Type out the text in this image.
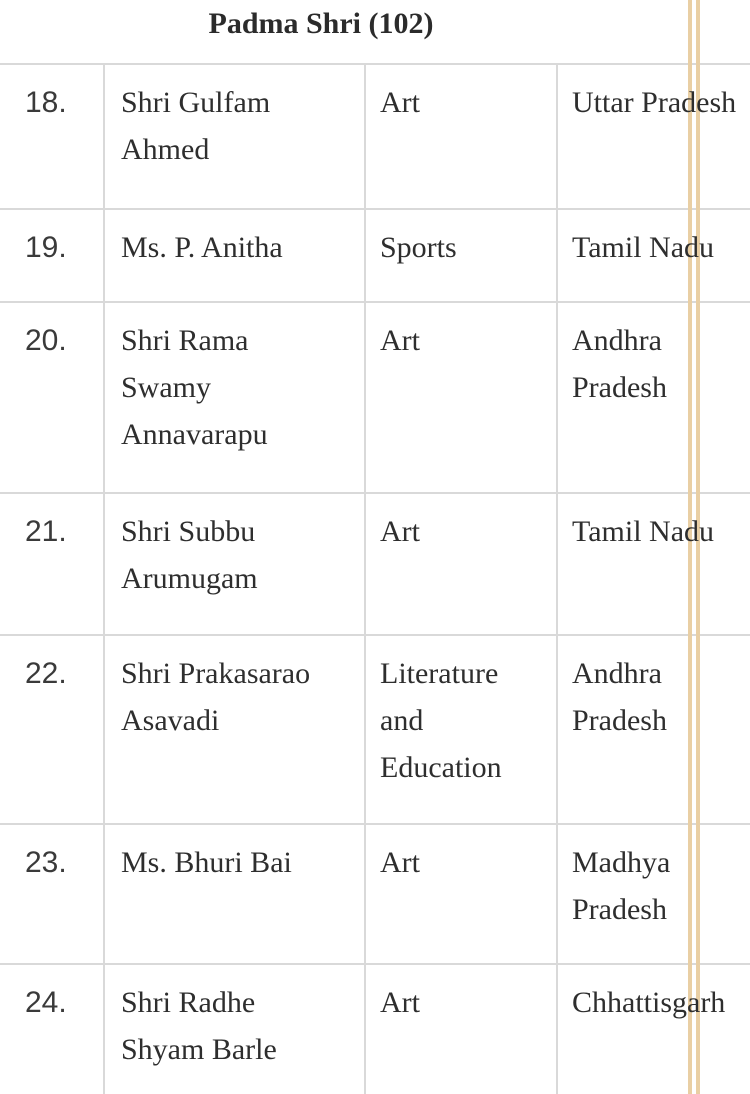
Padma Shri (102)
18.	Shri Gulfam Ahmed	Art	Uttar Pradesh
19.	Ms. P. Anitha	Sports	Tamil Nadu
20.	Shri Rama Swamy Annavarapu	Art	Andhra Pradesh
21.	Shri Subbu Arumugam	Art	Tamil Nadu
22.	Shri Prakasarao Asavadi	Literature and Education	Andhra Pradesh
23.	Ms. Bhuri Bai	Art	Madhya Pradesh
24.	Shri Radhe Shyam Barle	Art	Chhattisgarh
